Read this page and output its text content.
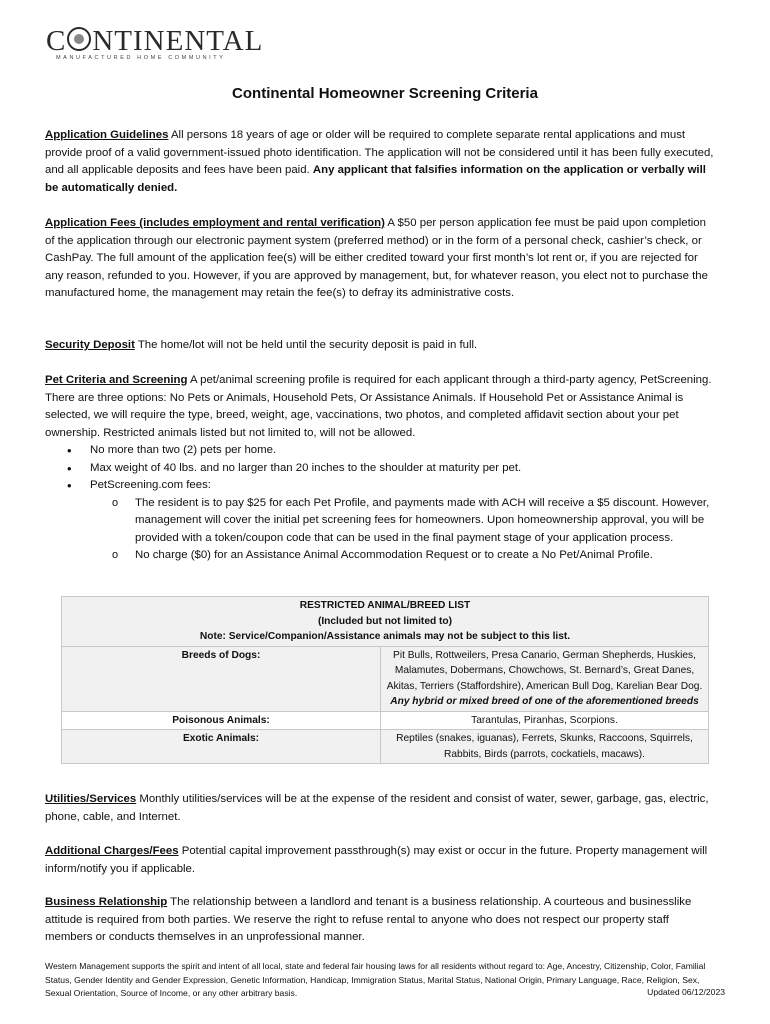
C NTINENTAL
MANUFACTURED HOME COMMUNITY
Continental Homeowner Screening Criteria

Application Guidelines All persons 18 years of age or older will be required to complete separate rental applications and must provide proof of a valid government-issued photo identification. The application will not be considered until it has been fully executed, and all applicable deposits and fees have been paid. Any applicant that falsifies information on the application or verbally will be automatically denied.

Application Fees (includes employment and rental verification) A $50 per person application fee must be paid upon completion of the application through our electronic payment system (preferred method) or in the form of a personal check, cashier’s check, or CashPay. The full amount of the application fee(s) will be either credited toward your first month’s lot rent or, if you are rejected for any reason, refunded to you. However, if you are approved by management, but, for whatever reason, you elect not to purchase the manufactured home, the management may retain the fee(s) to defray its administrative costs.

Security Deposit The home/lot will not be held until the security deposit is paid in full.

Pet Criteria and Screening A pet/animal screening profile is required for each applicant through a third-party agency, PetScreening. There are three options: No Pets or Animals, Household Pets, Or Assistance Animals. If Household Pet or Assistance Animal is selected, we will require the type, breed, weight, age, vaccinations, two photos, and completed affidavit section about your pet ownership. Restricted animals listed but not limited to, will not be allowed.

• No more than two (2) pets per home.
• Max weight of 40 lbs. and no larger than 20 inches to the shoulder at maturity per pet.
• PetScreening.com fees:
o The resident is to pay $25 for each Pet Profile, and payments made with ACH will receive a $5 discount. However, management will cover the initial pet screening fees for homeowners. Upon homeownership approval, you will be provided with a token/coupon code that can be used in the final payment stage of your application process.
o No charge ($0) for an Assistance Animal Accommodation Request or to create a No Pet/Animal Profile.
RESTRICTED ANIMAL/BREED LIST
(Included but not limited to)
Note: Service/Companion/Assistance animals may not be subject to this list.	

Breeds of Dogs:	Pit Bulls, Rottweilers, Presa Canario, German Shepherds, Huskies, Malamutes, Dobermans, Chowchows, St. Bernard’s, Great Danes, Akitas, Terriers (Staffordshire), American Bull Dog, Karelian Bear Dog.
Any hybrid or mixed breed of one of the aforementioned breeds

Poisonous Animals:	Tarantulas, Piranhas, Scorpions.
Exotic Animals:	Reptiles (snakes, iguanas), Ferrets, Skunks, Raccoons, Squirrels, Rabbits, Birds (parrots, cockatiels, macaws).

Utilities/Services Monthly utilities/services will be at the expense of the resident and consist of water, sewer, garbage, gas, electric, phone, cable, and Internet.

Additional Charges/Fees Potential capital improvement passthrough(s) may exist or occur in the future. Property management will inform/notify you if applicable.

Business Relationship The relationship between a landlord and tenant is a business relationship. A courteous and businesslike attitude is required from both parties. We reserve the right to refuse rental to anyone who does not respect our property staff members or conducts themselves in an unprofessional manner.

Western Management supports the spirit and intent of all local, state and federal fair housing laws for all residents without regard to: Age, Ancestry, Citizenship, Color, Familial Status, Gender Identity and Gender Expression, Genetic Information, Handicap, Immigration Status, Marital Status, National Origin, Primary Language, Race, Religion, Sex, Sexual Orientation, Source of Income, or any other arbitrary basis.	Updated 06/12/2023
